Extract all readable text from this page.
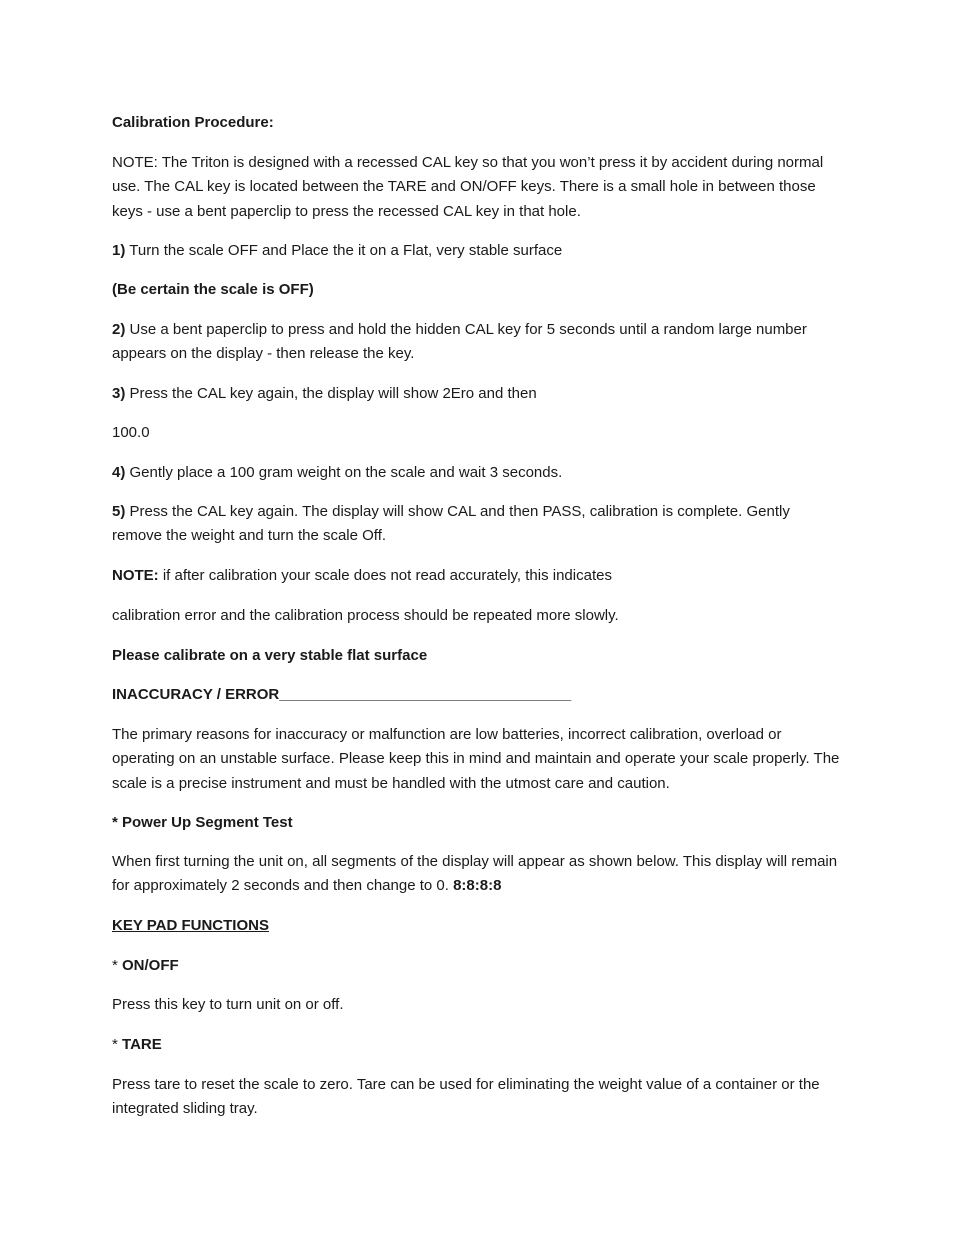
Calibration Procedure:

NOTE: The Triton is designed with a recessed CAL key so that you won’t press it by accident during normal use. The CAL key is located between the TARE and ON/OFF keys. There is a small hole in between those keys - use a bent paperclip to press the recessed CAL key in that hole.

1) Turn the scale OFF and Place the it on a Flat, very stable surface

(Be certain the scale is OFF)

2) Use a bent paperclip to press and hold the hidden CAL key for 5 seconds until a random large number appears on the display - then release the key.

3) Press the CAL key again, the display will show 2Ero and then

100.0

4) Gently place a 100 gram weight on the scale and wait 3 seconds.

5) Press the CAL key again. The display will show CAL and then PASS, calibration is complete. Gently remove the weight and turn the scale Off.

NOTE: if after calibration your scale does not read accurately, this indicates

calibration error and the calibration process should be repeated more slowly.

Please calibrate on a very stable flat surface

INACCURACY / ERROR___________________________________

The primary reasons for inaccuracy or malfunction are low batteries, incorrect calibration, overload or operating on an unstable surface. Please keep this in mind and maintain and operate your scale properly. The scale is a precise instrument and must be handled with the utmost care and caution.

* Power Up Segment Test

When first turning the unit on, all segments of the display will appear as shown below. This display will remain for approximately 2 seconds and then change to 0. 8:8:8:8

KEY PAD FUNCTIONS

* ON/OFF

Press this key to turn unit on or off.

* TARE

Press tare to reset the scale to zero. Tare can be used for eliminating the weight value of a container or the integrated sliding tray.
